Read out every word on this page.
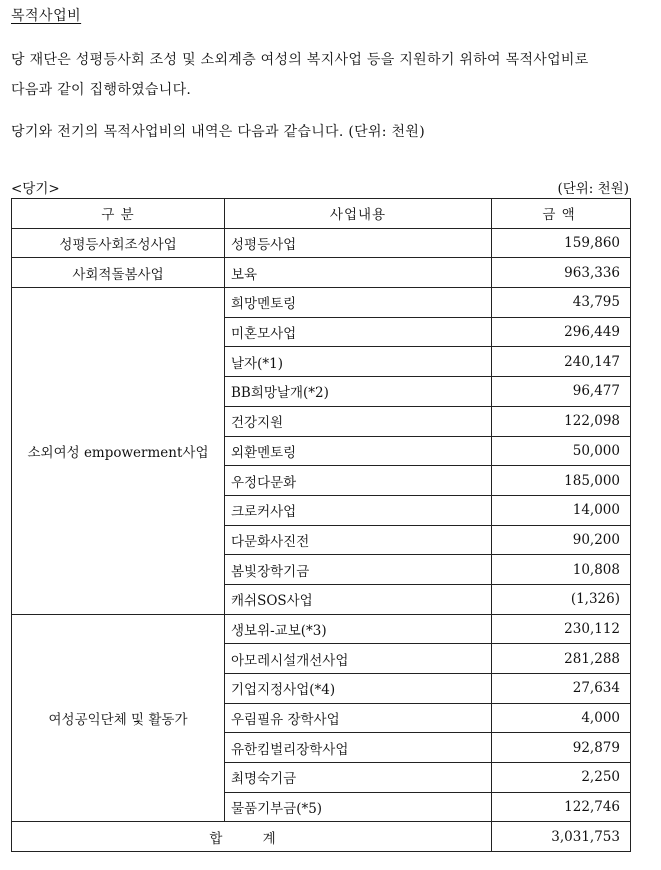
목적사업비
당 재단은 성평등사회 조성 및 소외계층 여성의 복지사업 등을 지원하기 위하여 목적사업비로
다음과 같이 집행하였습니다.
당기와 전기의 목적사업비의 내역은 다음과 같습니다. (단위: 천원)
<당기>	(단위: 천원)
구 분	사업내용	금 액
성평등사회조성사업	성평등사업	159,860
사회적돌봄사업	보육	963,336
소외여성 empowerment사업	희망멘토링	43,795
	미혼모사업	296,449
	날자(*1)	240,147
	BB희망날개(*2)	96,477
	건강지원	122,098
	외환멘토링	50,000
	우정다문화	185,000
	크로커사업	14,000
	다문화사진전	90,200
	봄빛장학기금	10,808
	캐쉬SOS사업	(1,326)
여성공익단체 및 활동가	생보위-교보(*3)	230,112
	아모레시설개선사업	281,288
	기업지정사업(*4)	27,634
	우림필유 장학사업	4,000
	유한킴벌리장학사업	92,879
	최명숙기금	2,250
	물품기부금(*5)	122,746
합 계		3,031,753
